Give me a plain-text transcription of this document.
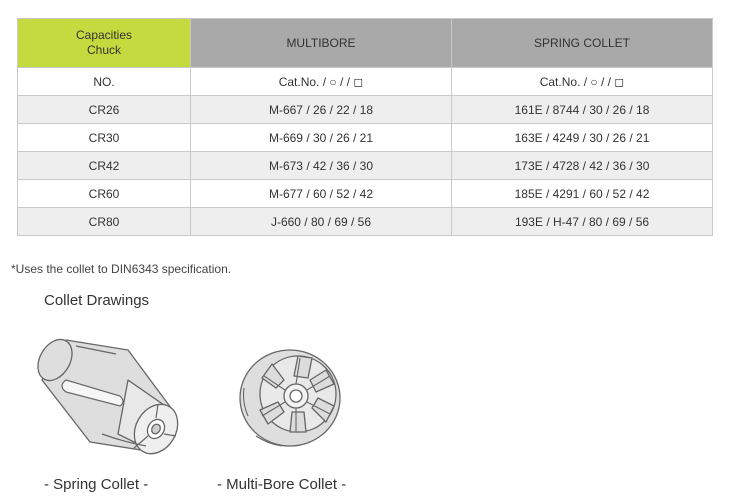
Capacities
Chuck	MULTIBORE	SPRING COLLET
NO.	Cat.No. / ○ / / ◻	Cat.No. / ○ / / ◻
CR26	M-667 / 26 / 22 / 18	161E / 8744 / 30 / 26 / 18
CR30	M-669 / 30 / 26 / 21	163E / 4249 / 30 / 26 / 21
CR42	M-673 / 42 / 36 / 30	173E / 4728 / 42 / 36 / 30
CR60	M-677 / 60 / 52 / 42	185E / 4291 / 60 / 52 / 42
CR80	J-660 / 80 / 69 / 56	193E / H-47 / 80 / 69 / 56
*Uses the collet to DIN6343 specification.
Collet Drawings
- Spring Collet -	- Multi-Bore Collet -
